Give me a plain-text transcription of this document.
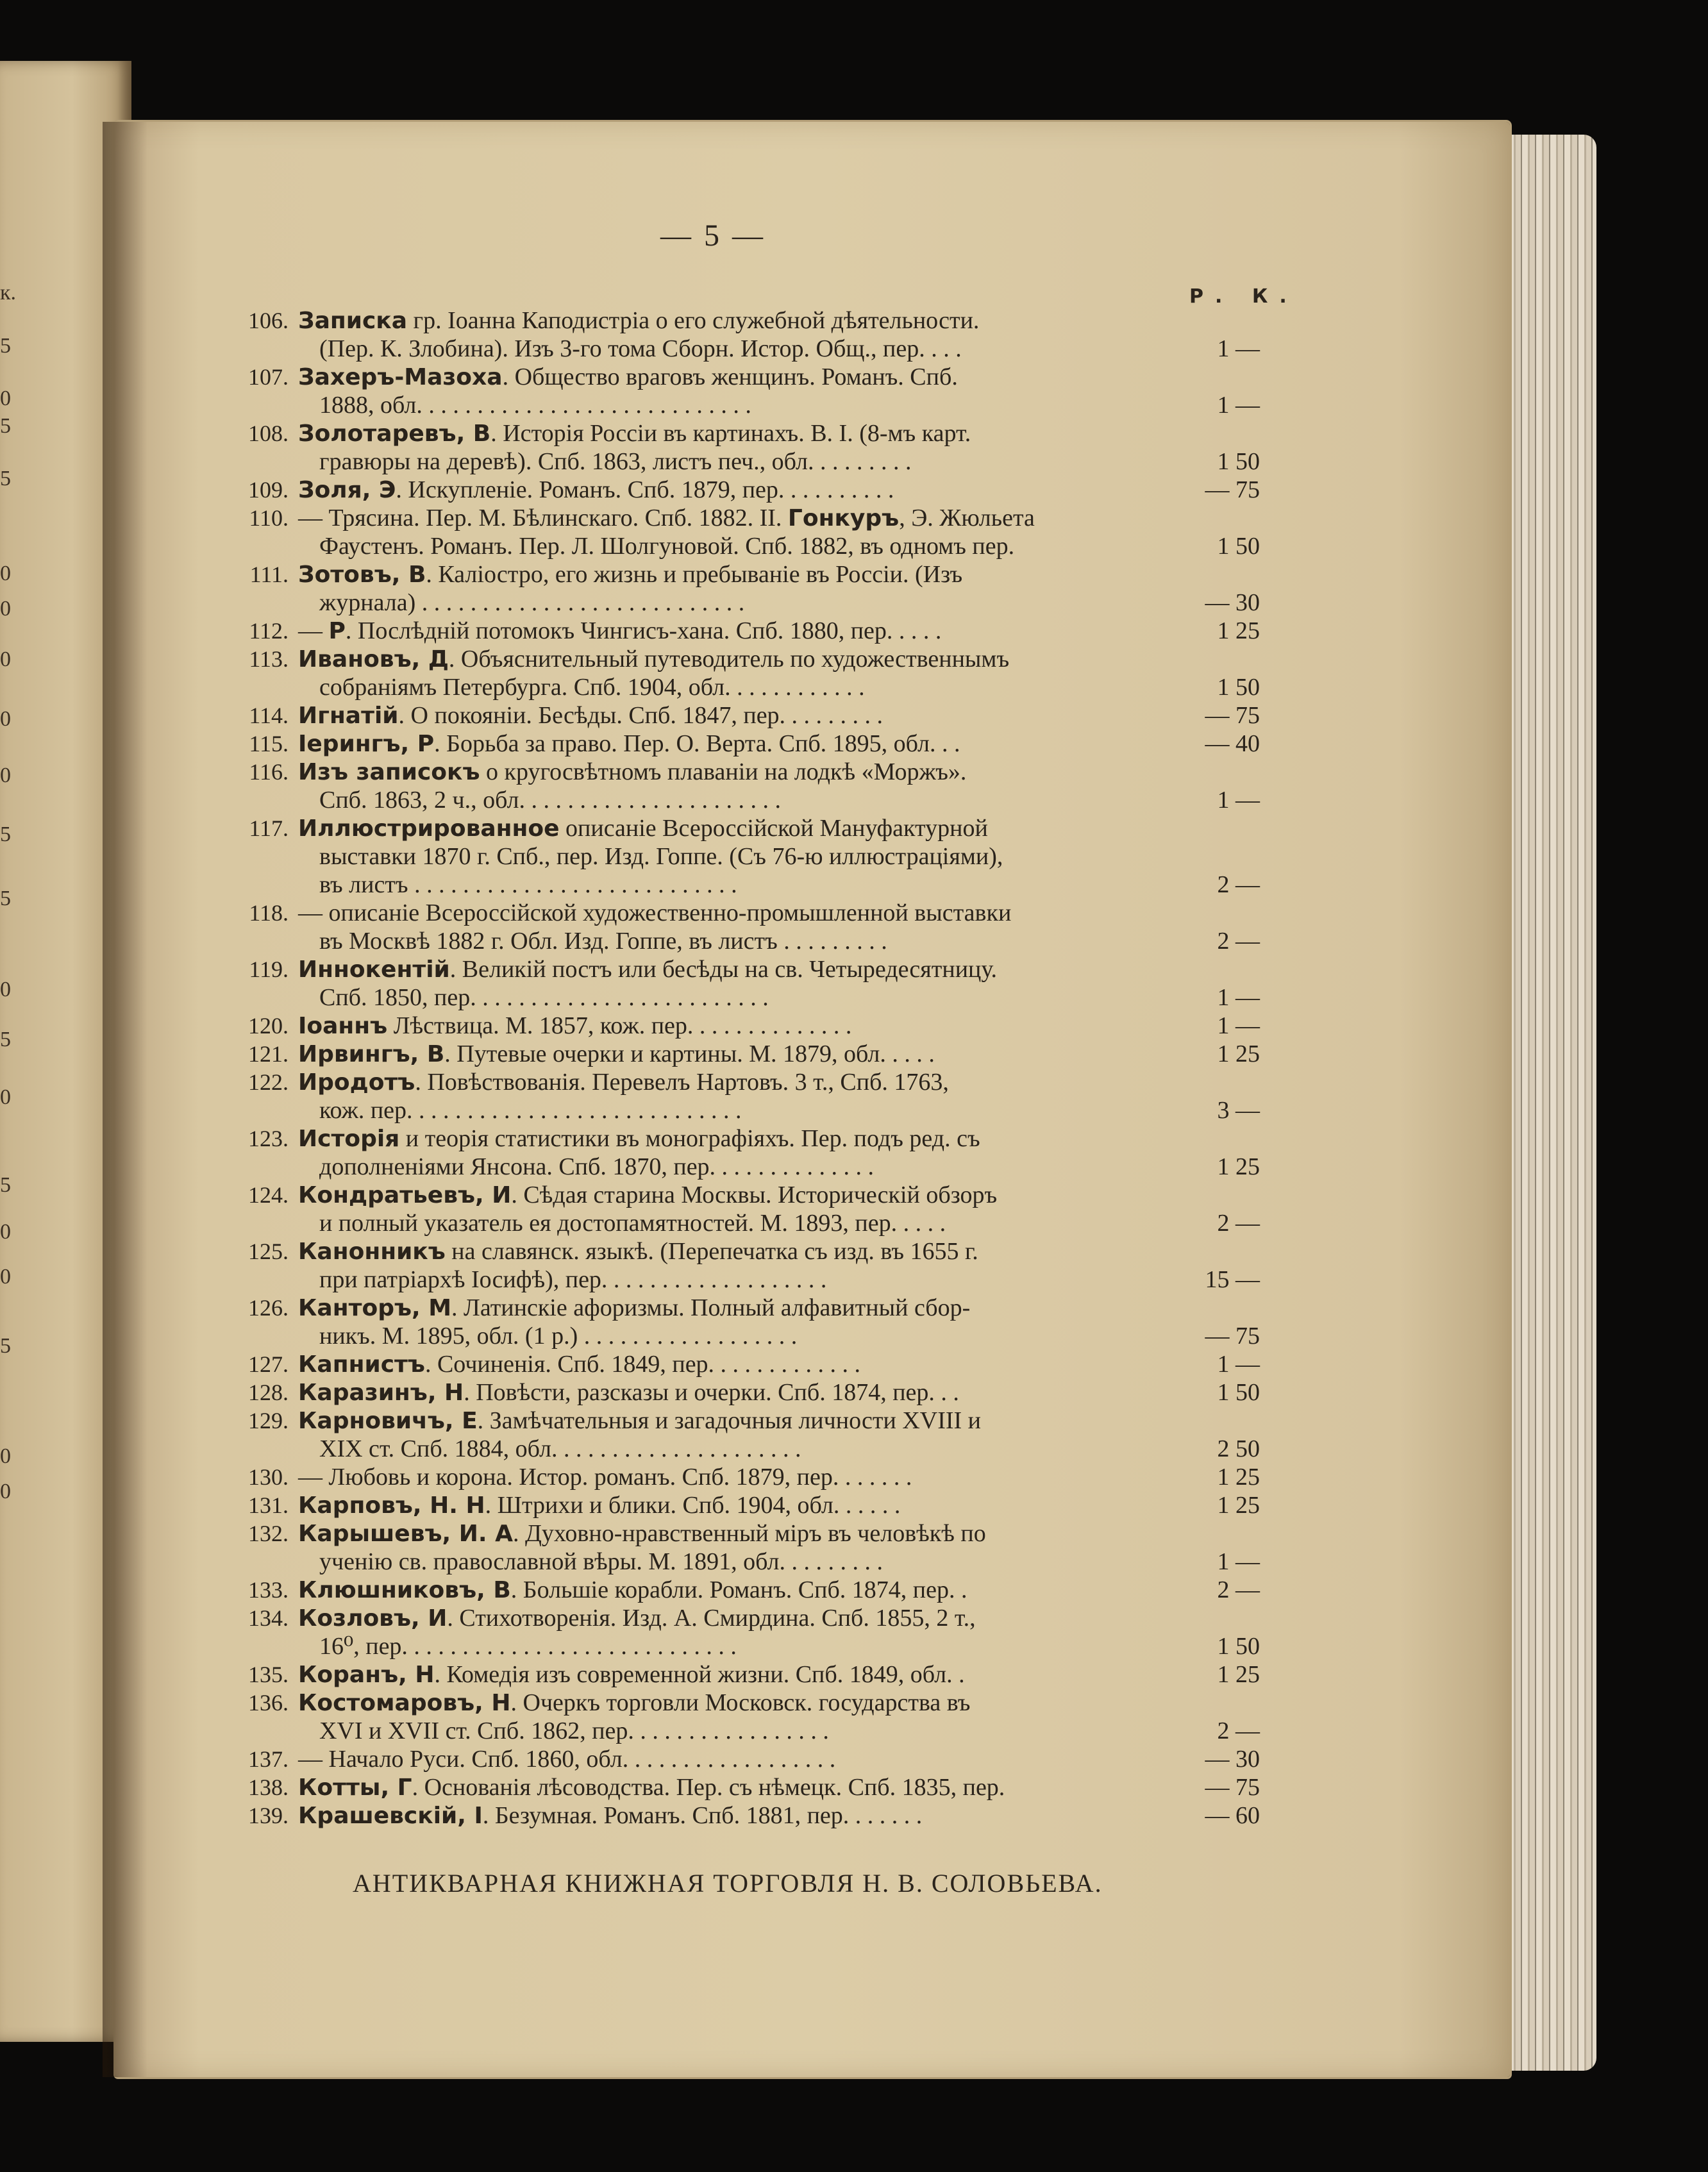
к.
5
0
5
5
0
0
0
0
0
5
5
0
5
0
5
0
0
5
0
0
— 5 —
Р. К.
106. Записка гр. Іоанна Каподистріа о его служебной дѣятельности.
(Пер. К. Злобина). Изъ 3-го тома Сборн. Истор. Общ., пер. . . .	1 —
107. Захеръ-Мазоха. Общество враговъ женщинъ. Романъ. Спб.
1888, обл. . . . . . . . . . . . . . . . . . . . . . . . . . . .	1 —
108. Золотаревъ, В. Исторія Россіи въ картинахъ. В. I. (8-мъ карт.
гравюры на деревѣ). Спб. 1863, листъ печ., обл. . . . . . . . .	1 50
109. Золя, Э. Искупленіе. Романъ. Спб. 1879, пер. . . . . . . . . .	— 75
110. — Трясина. Пер. М. Бѣлинскаго. Спб. 1882. II. Гонкуръ, Э. Жюльета
Фаустенъ. Романъ. Пер. Л. Шолгуновой. Спб. 1882, въ одномъ пер.	1 50
111. Зотовъ, В. Каліостро, его жизнь и пребываніе въ Россіи. (Изъ
журнала) . . . . . . . . . . . . . . . . . . . . . . . . . . .	— 30
112. — Р. Послѣдній потомокъ Чингисъ-хана. Спб. 1880, пер. . . . .	1 25
113. Ивановъ, Д. Объяснительный путеводитель по художественнымъ
собраніямъ Петербурга. Спб. 1904, обл. . . . . . . . . . . .	1 50
114. Игнатій. О покояніи. Бесѣды. Спб. 1847, пер. . . . . . . . .	— 75
115. Iерингъ, Р. Борьба за право. Пер. О. Верта. Спб. 1895, обл. . .	— 40
116. Изъ записокъ о кругосвѣтномъ плаваніи на лодкѣ «Моржъ».
Спб. 1863, 2 ч., обл. . . . . . . . . . . . . . . . . . . . . .	1 —
117. Иллюстрированное описаніе Всероссійской Мануфактурной
выставки 1870 г. Спб., пер. Изд. Гоппе. (Съ 76-ю иллюстраціями),
въ листъ . . . . . . . . . . . . . . . . . . . . . . . . . . .	2 —
118. — описаніе Всероссійской художественно-промышленной выставки
въ Москвѣ 1882 г. Обл. Изд. Гоппе, въ листъ . . . . . . . . .	2 —
119. Иннокентій. Великій постъ или бесѣды на св. Четыредесятницу.
Спб. 1850, пер. . . . . . . . . . . . . . . . . . . . . . . . .	1 —
120. Іоаннъ Лѣствица. М. 1857, кож. пер. . . . . . . . . . . . . .	1 —
121. Ирвингъ, В. Путевые очерки и картины. М. 1879, обл. . . . .	1 25
122. Иродотъ. Повѣствованія. Перевелъ Нартовъ. 3 т., Спб. 1763,
кож. пер. . . . . . . . . . . . . . . . . . . . . . . . . . . .	3 —
123. Исторія и теорія статистики въ монографіяхъ. Пер. подъ ред. съ
дополненіями Янсона. Спб. 1870, пер. . . . . . . . . . . . . .	1 25
124. Кондратьевъ, И. Сѣдая старина Москвы. Историческій обзоръ
и полный указатель ея достопамятностей. М. 1893, пер. . . . .	2 —
125. Канонникъ на славянск. языкѣ. (Перепечатка съ изд. въ 1655 г.
при патріархѣ Іосифѣ), пер. . . . . . . . . . . . . . . . . . .	15 —
126. Канторъ, М. Латинскіе афоризмы. Полный алфавитный сбор-
никъ. М. 1895, обл. (1 р.) . . . . . . . . . . . . . . . . . .	— 75
127. Капнистъ. Сочиненія. Спб. 1849, пер. . . . . . . . . . . . .	1 —
128. Каразинъ, Н. Повѣсти, разсказы и очерки. Спб. 1874, пер. . .	1 50
129. Карновичъ, Е. Замѣчательныя и загадочныя личности XVIII и
XIX ст. Спб. 1884, обл. . . . . . . . . . . . . . . . . . . . .	2 50
130. — Любовь и корона. Истор. романъ. Спб. 1879, пер. . . . . . .	1 25
131. Карповъ, Н. Н. Штрихи и блики. Спб. 1904, обл. . . . . .	1 25
132. Карышевъ, И. А. Духовно-нравственный міръ въ человѣкѣ по
ученію св. православной вѣры. М. 1891, обл. . . . . . . . .	1 —
133. Клюшниковъ, В. Большіе корабли. Романъ. Спб. 1874, пер. .	2 —
134. Козловъ, И. Стихотворенія. Изд. А. Смирдина. Спб. 1855, 2 т.,
16⁰, пер. . . . . . . . . . . . . . . . . . . . . . . . . . . .	1 50
135. Коранъ, Н. Комедія изъ современной жизни. Спб. 1849, обл. .	1 25
136. Костомаровъ, Н. Очеркъ торговли Московск. государства въ
XVI и XVII ст. Спб. 1862, пер. . . . . . . . . . . . . . . . .	2 —
137. — Начало Руси. Спб. 1860, обл. . . . . . . . . . . . . . . . . .	— 30
138. Котты, Г. Основанія лѣсоводства. Пер. съ нѣмецк. Спб. 1835, пер.	— 75
139. Крашевскій, I. Безумная. Романъ. Спб. 1881, пер. . . . . . .	— 60
АНТИКВАРНАЯ КНИЖНАЯ ТОРГОВЛЯ Н. В. СОЛОВЬЕВА.
